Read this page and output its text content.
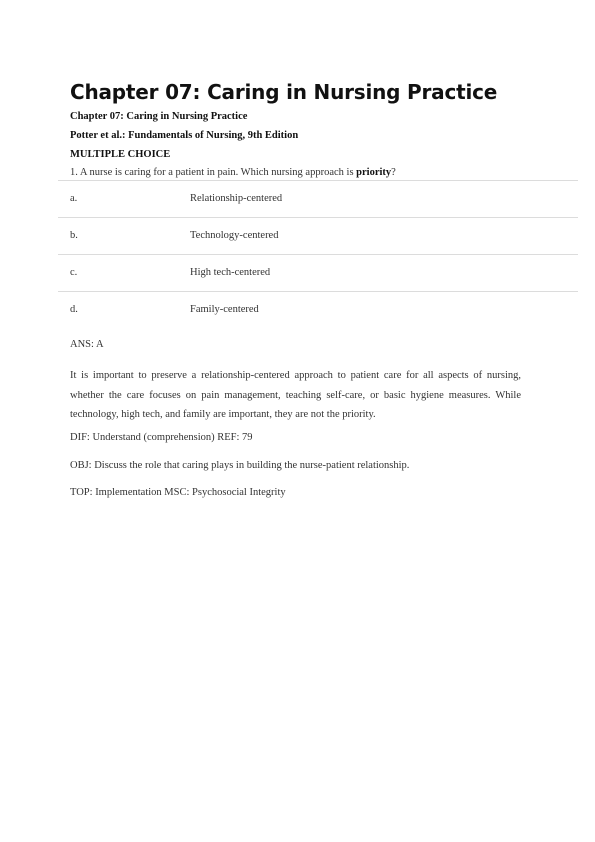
Chapter 07: Caring in Nursing Practice
Chapter 07: Caring in Nursing Practice
Potter et al.: Fundamentals of Nursing, 9th Edition
MULTIPLE CHOICE
1. A nurse is caring for a patient in pain. Which nursing approach is priority?
a.	Relationship-centered
b.	Technology-centered
c.	High tech-centered
d.	Family-centered

ANS: A

It is important to preserve a relationship-centered approach to patient care for all aspects of nursing, whether the care focuses on pain management, teaching self-care, or basic hygiene measures. While technology, high tech, and family are important, they are not the priority.

DIF: Understand (comprehension) REF: 79

OBJ: Discuss the role that caring plays in building the nurse-patient relationship.

TOP: Implementation MSC: Psychosocial Integrity
